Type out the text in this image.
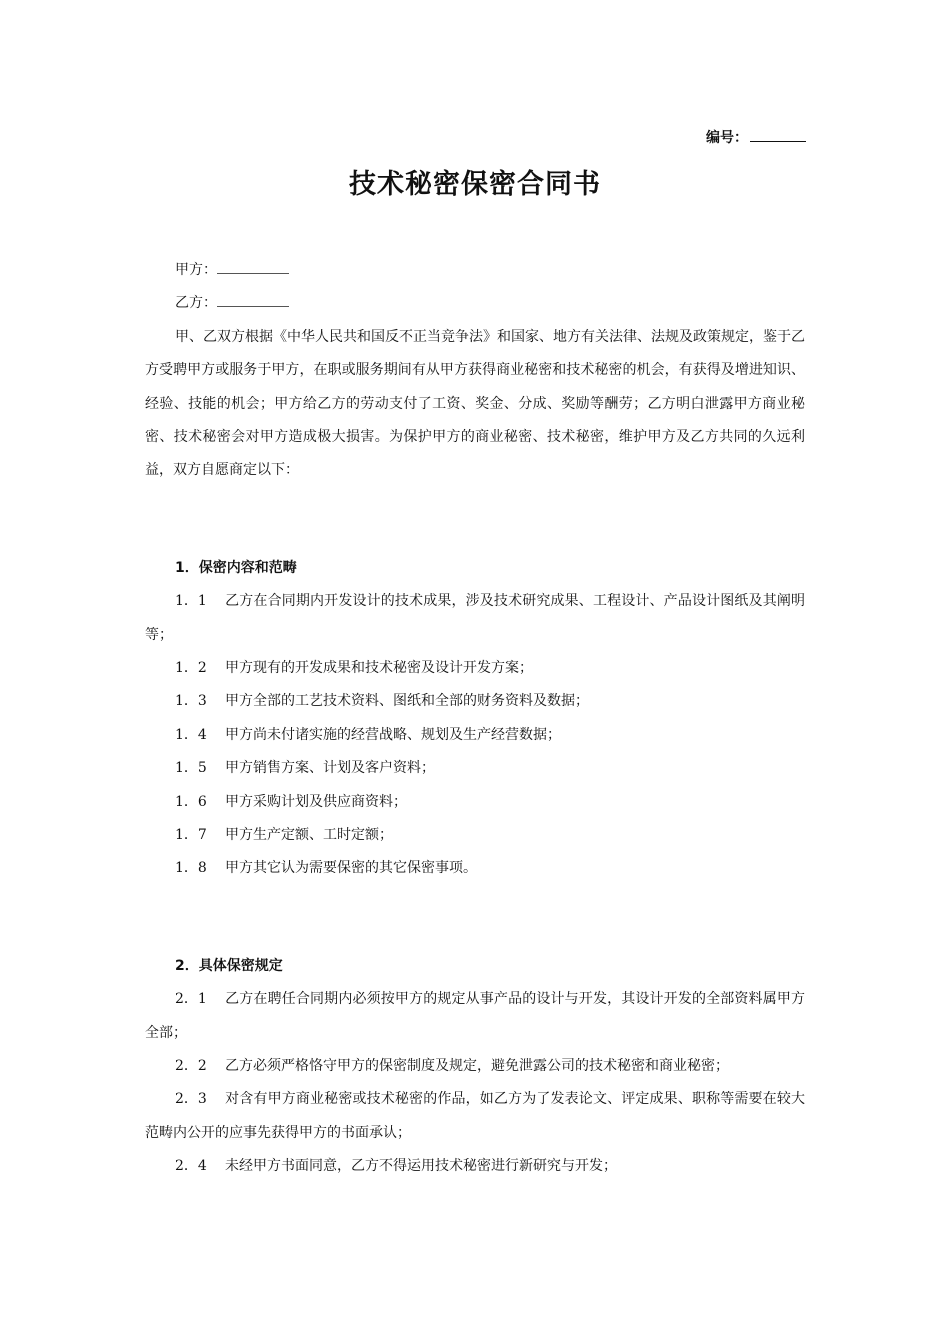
编号：
技术秘密保密合同书
甲方：
乙方：

甲、乙双方根据《中华人民共和国反不正当竞争法》和国家、地方有关法律、法规及政策规定，鉴于乙方受聘甲方或服务于甲方，在职或服务期间有从甲方获得商业秘密和技术秘密的机会，有获得及增进知识、经验、技能的机会；甲方给乙方的劳动支付了工资、奖金、分成、奖励等酬劳；乙方明白泄露甲方商业秘密、技术秘密会对甲方造成极大损害。为保护甲方的商业秘密、技术秘密，维护甲方及乙方共同的久远利益，双方自愿商定以下：

1．保密内容和范畴

1．1 乙方在合同期内开发设计的技术成果，涉及技术研究成果、工程设计、产品设计图纸及其阐明等；

1．2 甲方现有的开发成果和技术秘密及设计开发方案；

1．3 甲方全部的工艺技术资料、图纸和全部的财务资料及数据；

1．4 甲方尚未付诸实施的经营战略、规划及生产经营数据；

1．5 甲方销售方案、计划及客户资料；

1．6 甲方采购计划及供应商资料；

1．7 甲方生产定额、工时定额；

1．8 甲方其它认为需要保密的其它保密事项。

2．具体保密规定

2．1 乙方在聘任合同期内必须按甲方的规定从事产品的设计与开发，其设计开发的全部资料属甲方全部；

2．2 乙方必须严格恪守甲方的保密制度及规定，避免泄露公司的技术秘密和商业秘密；

2．3 对含有甲方商业秘密或技术秘密的作品，如乙方为了发表论文、评定成果、职称等需要在较大范畴内公开的应事先获得甲方的书面承认；

2．4 未经甲方书面同意，乙方不得运用技术秘密进行新研究与开发；
